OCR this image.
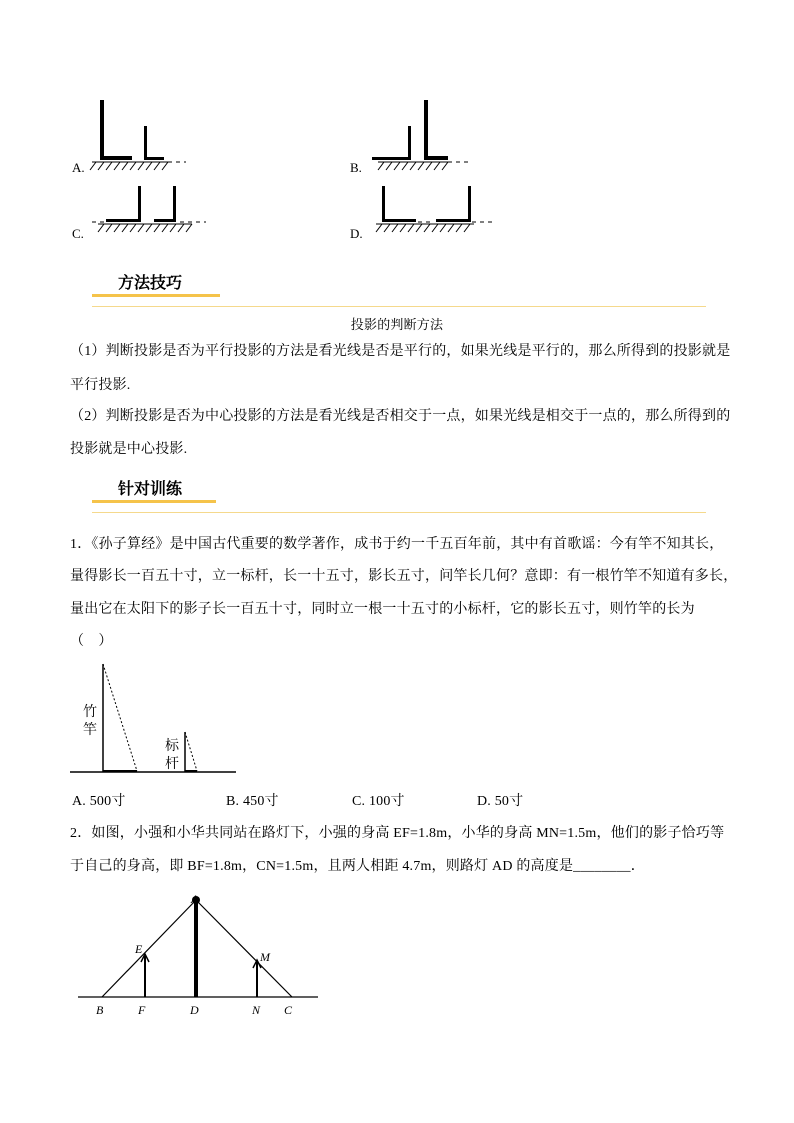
A.	B.
C.	D.
方法技巧
投影的判断方法
（1）判断投影是否为平行投影的方法是看光线是否是平行的，如果光线是平行的，那么所得到的投影就是
平行投影.
（2）判断投影是否为中心投影的方法是看光线是否相交于一点，如果光线是相交于一点的，那么所得到的
投影就是中心投影.
针对训练
1．《孙子算经》是中国古代重要的数学著作，成书于约一千五百年前，其中有首歌谣：今有竿不知其长，
量得影长一百五十寸，立一标杆，长一十五寸，影长五寸，问竿长几何？意即：有一根竹竿不知道有多长，
量出它在太阳下的影子长一百五十寸，同时立一根一十五寸的小标杆，它的影长五寸，则竹竿的长为
（　）
竹
竿
标
杆
A. 500寸	B. 450寸	C. 100寸	D. 50寸
2．如图，小强和小华共同站在路灯下，小强的身高 EF=1.8m，小华的身高 MN=1.5m，他们的影子恰巧等
于自己的身高，即 BF=1.8m，CN=1.5m，且两人相距 4.7m，则路灯 AD 的高度是________．
A
E
M
B	F	D	N C
